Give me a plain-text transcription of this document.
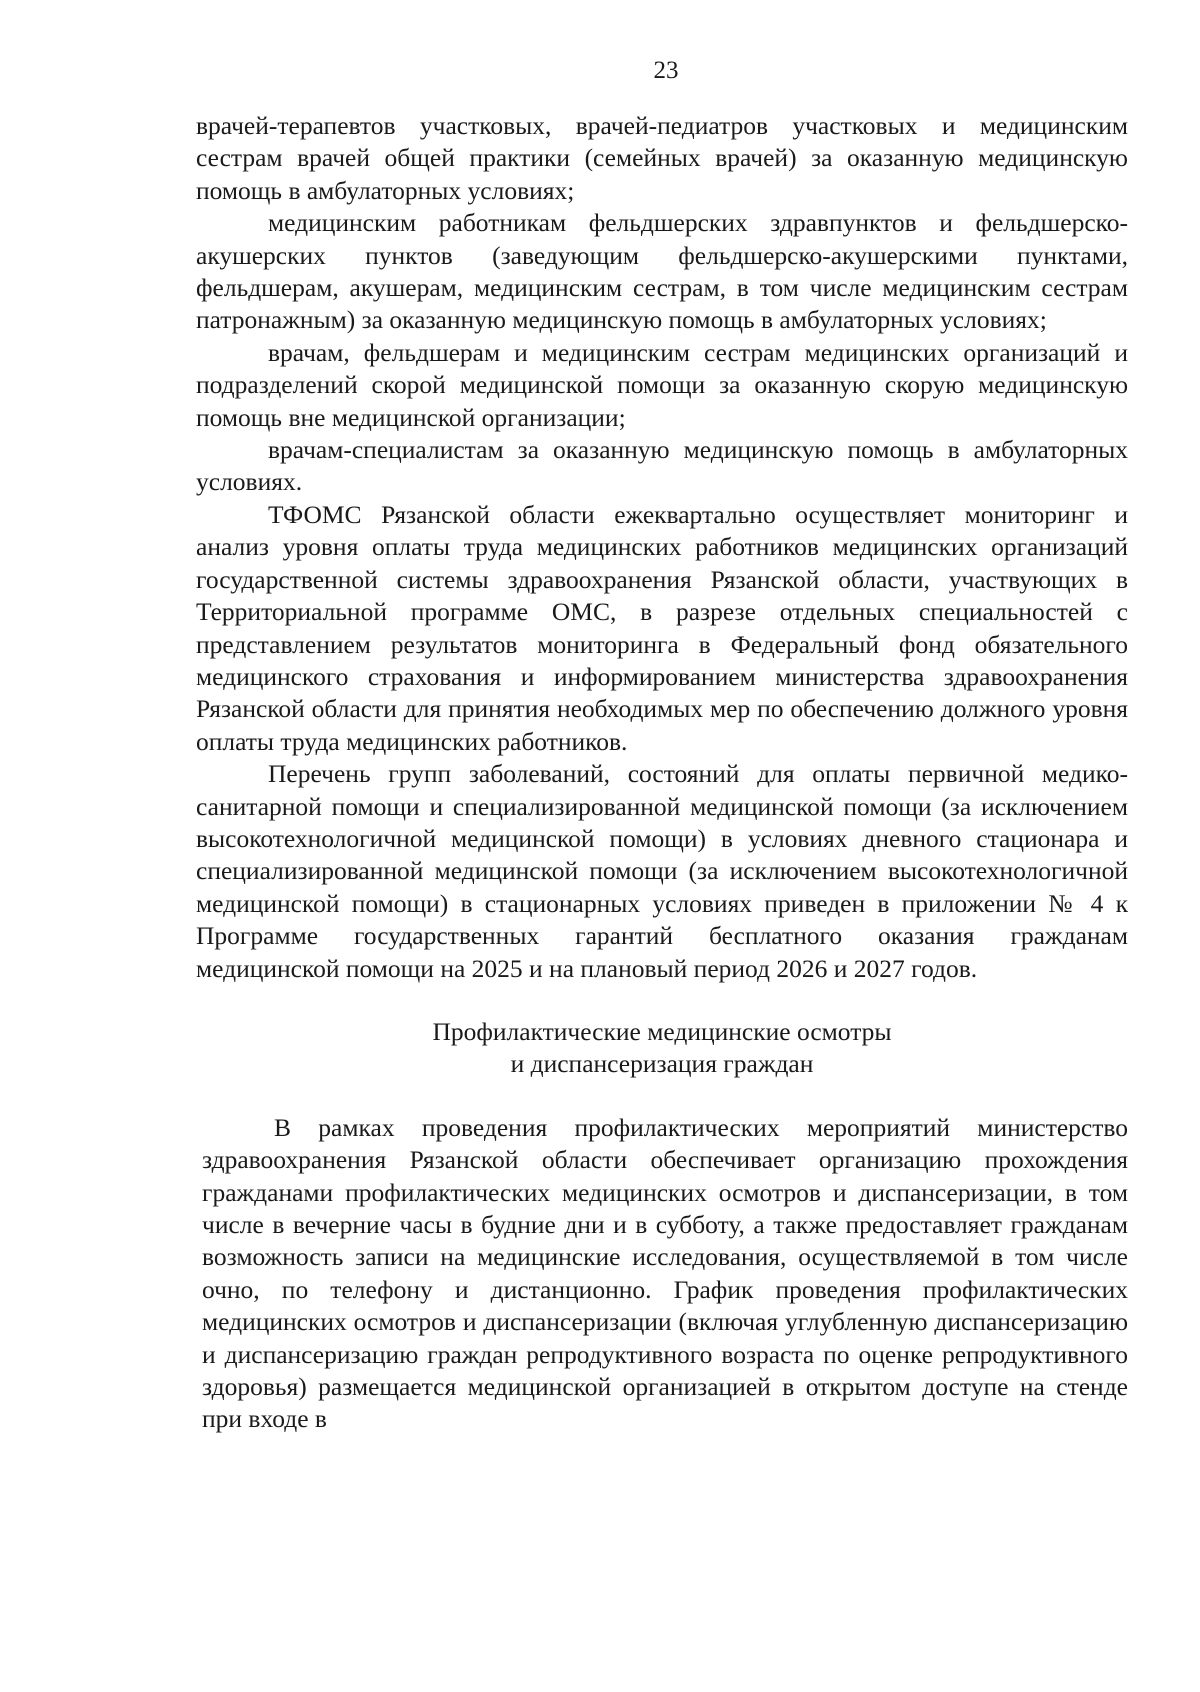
23

врачей-терапевтов участковых, врачей-педиатров участковых и медицинским сестрам врачей общей практики (семейных врачей) за оказанную медицинскую помощь в амбулаторных условиях;

медицинским работникам фельдшерских здравпунктов и фельдшерско-акушерских пунктов (заведующим фельдшерско-акушерскими пунктами, фельдшерам, акушерам, медицинским сестрам, в том числе медицинским сестрам патронажным) за оказанную медицинскую помощь в амбулаторных условиях;

врачам, фельдшерам и медицинским сестрам медицинских организаций и подразделений скорой медицинской помощи за оказанную скорую медицинскую помощь вне медицинской организации;

врачам-специалистам за оказанную медицинскую помощь в амбулаторных условиях.

ТФОМС Рязанской области ежеквартально осуществляет мониторинг и анализ уровня оплаты труда медицинских работников медицинских организаций государственной системы здравоохранения Рязанской области, участвующих в Территориальной программе ОМС, в разрезе отдельных специальностей с представлением результатов мониторинга в Федеральный фонд обязательного медицинского страхования и информированием министерства здравоохранения Рязанской области для принятия необходимых мер по обеспечению должного уровня оплаты труда медицинских работников.

Перечень групп заболеваний, состояний для оплаты первичной медико-санитарной помощи и специализированной медицинской помощи (за исключением высокотехнологичной медицинской помощи) в условиях дневного стационара и специализированной медицинской помощи (за исключением высокотехнологичной медицинской помощи) в стационарных условиях приведен в приложении № 4 к Программе государственных гарантий бесплатного оказания гражданам медицинской помощи на 2025 и на плановый период 2026 и 2027 годов.

Профилактические медицинские осмотры

и диспансеризация граждан

В рамках проведения профилактических мероприятий министерство здравоохранения Рязанской области обеспечивает организацию прохождения гражданами профилактических медицинских осмотров и диспансеризации, в том числе в вечерние часы в будние дни и в субботу, а также предоставляет гражданам возможность записи на медицинские исследования, осуществляемой в том числе очно, по телефону и дистанционно. График проведения профилактических медицинских осмотров и диспансеризации (включая углубленную диспансеризацию и диспансеризацию граждан репродуктивного возраста по оценке репродуктивного здоровья) размещается медицинской организацией в открытом доступе на стенде при входе в
